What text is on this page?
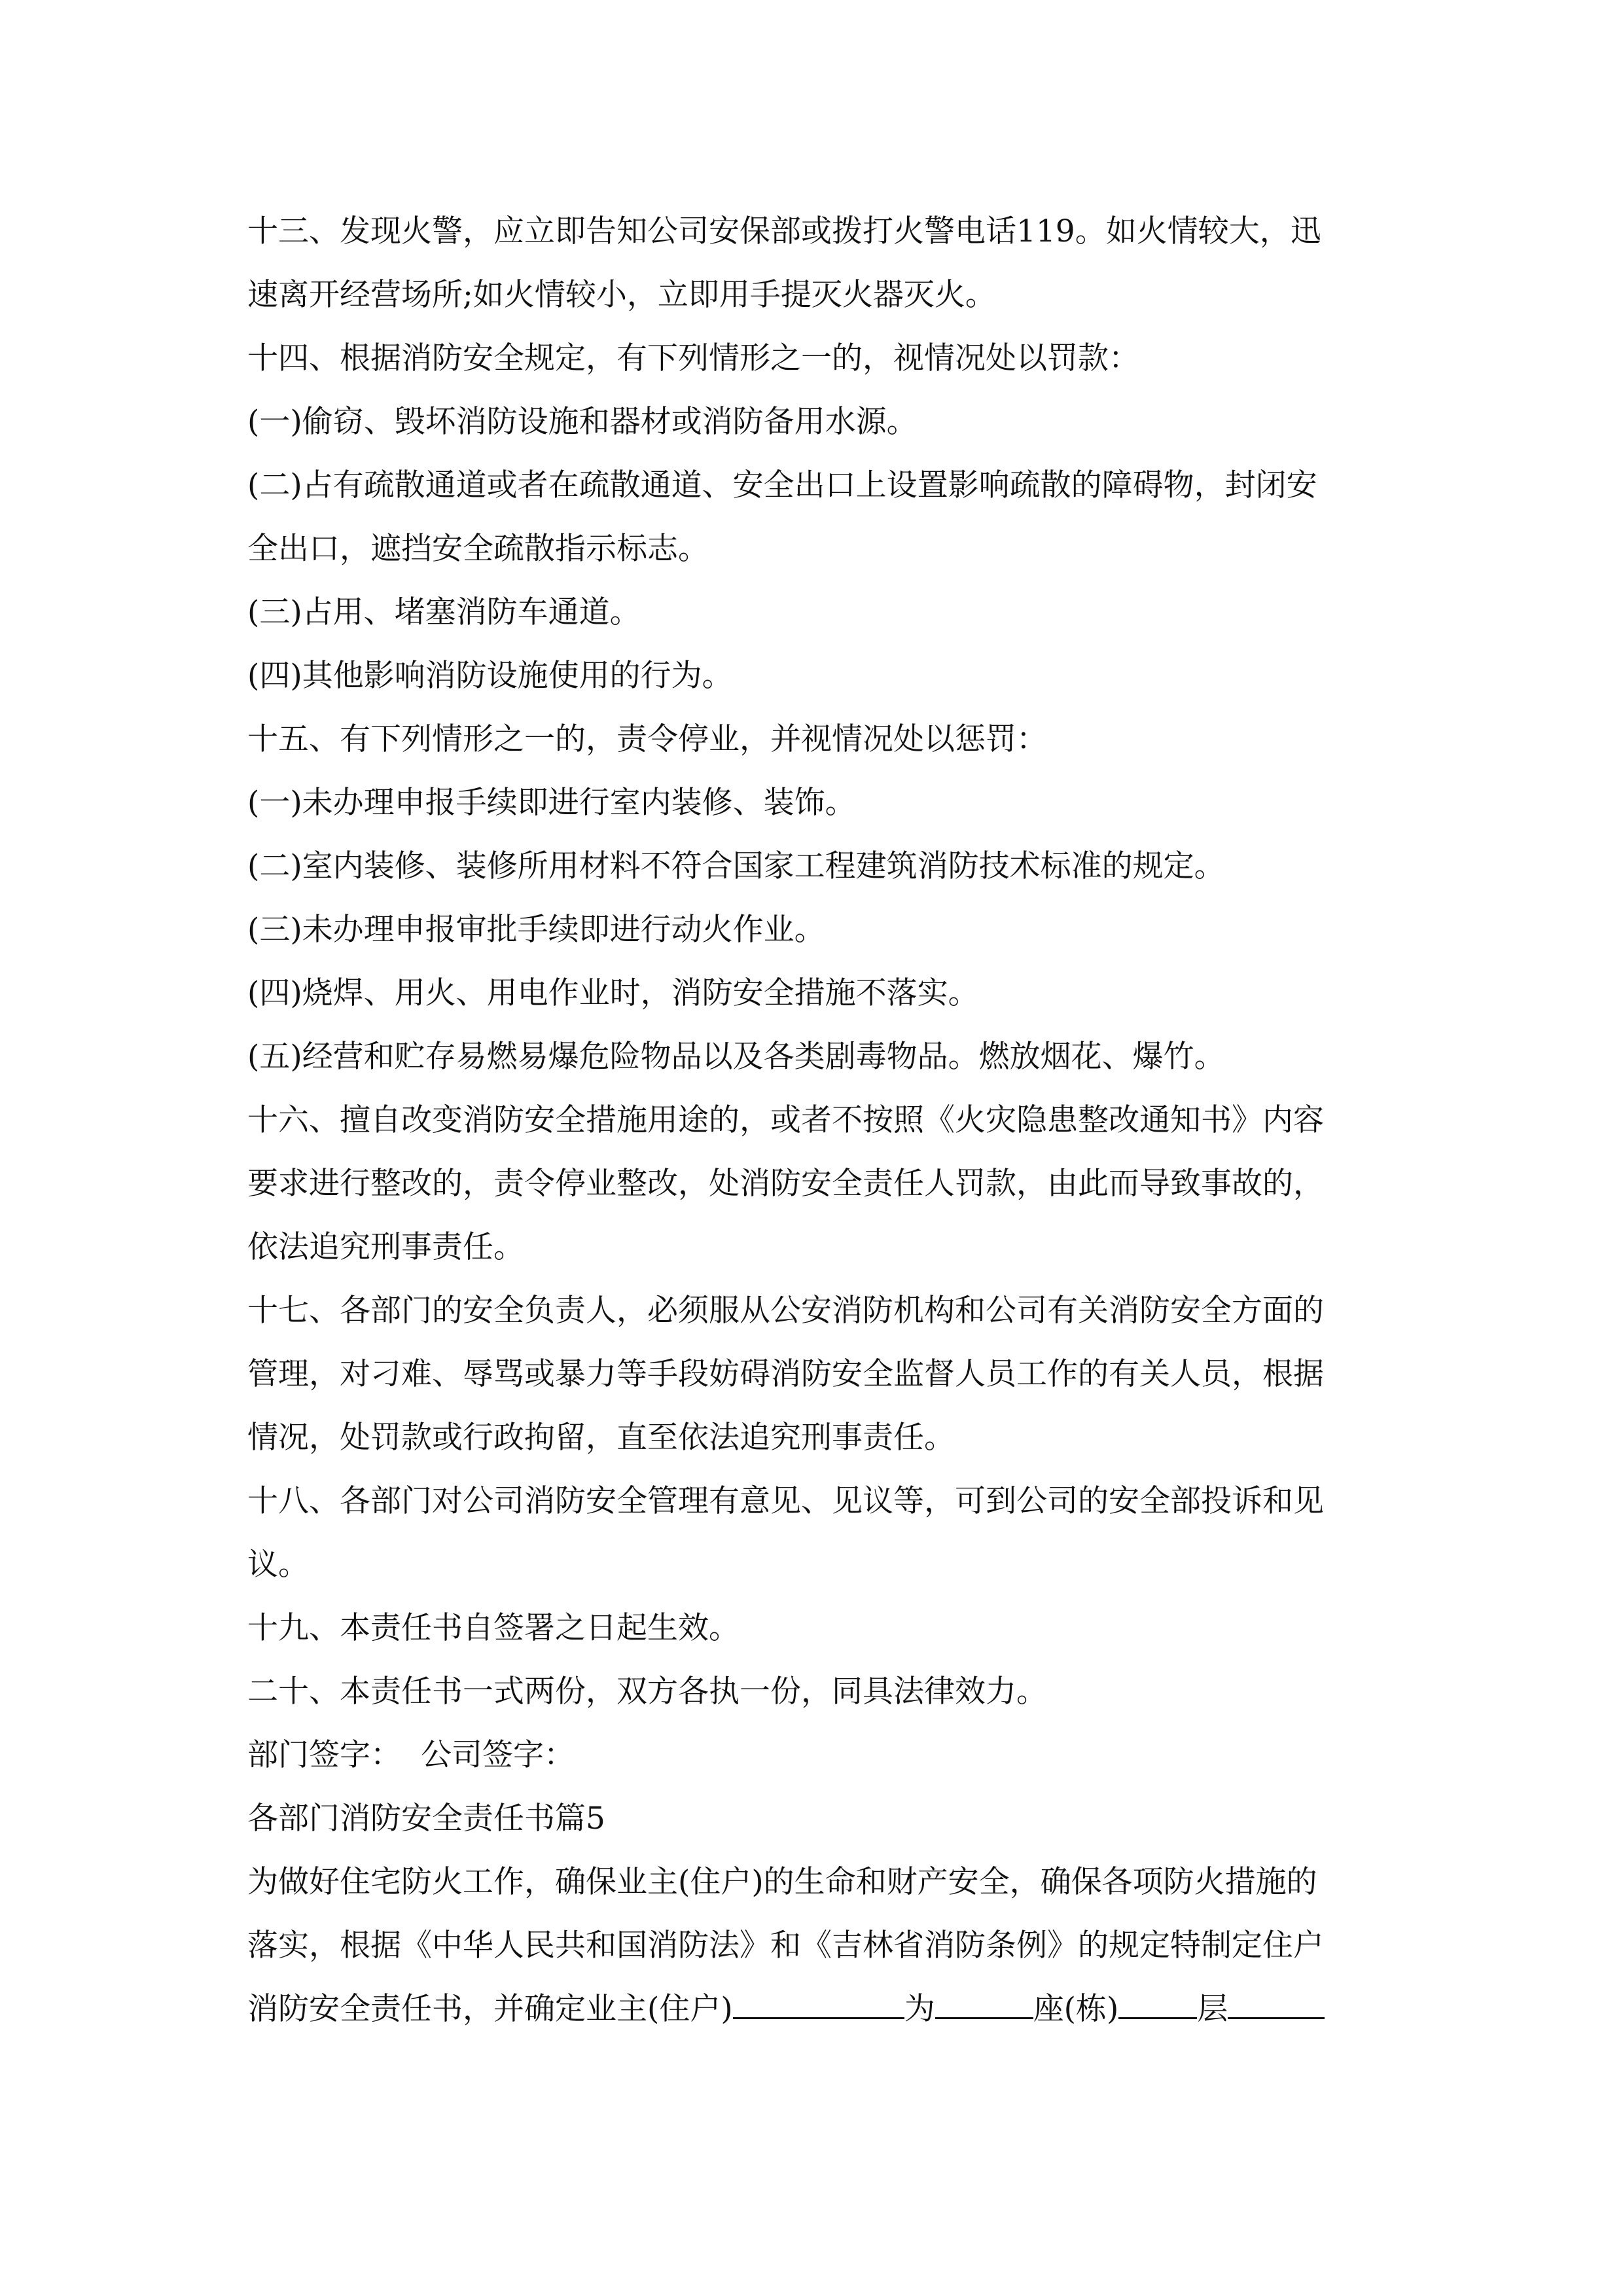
十三、发现火警，应立即告知公司安保部或拨打火警电话119。如火情较大，迅
速离开经营场所;如火情较小，立即用手提灭火器灭火。
十四、根据消防安全规定，有下列情形之一的，视情况处以罚款：
(一)偷窃、毁坏消防设施和器材或消防备用水源。
(二)占有疏散通道或者在疏散通道、安全出口上设置影响疏散的障碍物，封闭安
全出口，遮挡安全疏散指示标志。
(三)占用、堵塞消防车通道。
(四)其他影响消防设施使用的行为。
十五、有下列情形之一的，责令停业，并视情况处以惩罚：
(一)未办理申报手续即进行室内装修、装饰。
(二)室内装修、装修所用材料不符合国家工程建筑消防技术标准的规定。
(三)未办理申报审批手续即进行动火作业。
(四)烧焊、用火、用电作业时，消防安全措施不落实。
(五)经营和贮存易燃易爆危险物品以及各类剧毒物品。燃放烟花、爆竹。
十六、擅自改变消防安全措施用途的，或者不按照《火灾隐患整改通知书》内容
要求进行整改的，责令停业整改，处消防安全责任人罚款，由此而导致事故的，
依法追究刑事责任。
十七、各部门的安全负责人，必须服从公安消防机构和公司有关消防安全方面的
管理，对刁难、辱骂或暴力等手段妨碍消防安全监督人员工作的有关人员，根据
情况，处罚款或行政拘留，直至依法追究刑事责任。
十八、各部门对公司消防安全管理有意见、见议等，可到公司的安全部投诉和见
议。
十九、本责任书自签署之日起生效。
二十、本责任书一式两份，双方各执一份，同具法律效力。
部门签字： 公司签字：
各部门消防安全责任书篇5
为做好住宅防火工作，确保业主(住户)的生命和财产安全，确保各项防火措施的
落实，根据《中华人民共和国消防法》和《吉林省消防条例》的规定特制定住户
消防安全责任书，并确定业主(住户)	为	座(栋)	层
